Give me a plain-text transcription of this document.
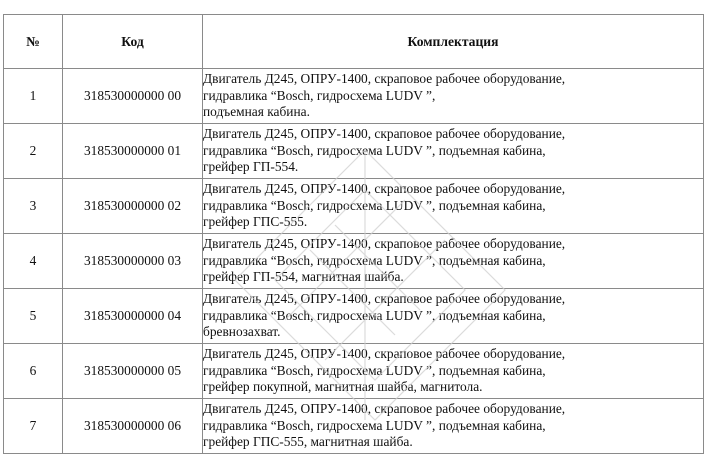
№	Код	Комплектация
1	318530000000 00	Двигатель Д245, ОПРУ-1400, скраповое рабочее оборудование,
гидравлика “Bosch, гидросхема LUDV ”,
подъемная кабина.

2	318530000000 01	Двигатель Д245, ОПРУ-1400, скраповое рабочее оборудование,
гидравлика “Bosch, гидросхема LUDV ”, подъемная кабина,
грейфер ГП-554.

3	318530000000 02	Двигатель Д245, ОПРУ-1400, скраповое рабочее оборудование,
гидравлика “Bosch, гидросхема LUDV ”, подъемная кабина,
грейфер ГПС-555.

4	318530000000 03	Двигатель Д245, ОПРУ-1400, скраповое рабочее оборудование,
гидравлика “Bosch, гидросхема LUDV ”, подъемная кабина,
грейфер ГП-554, магнитная шайба.

5	318530000000 04	Двигатель Д245, ОПРУ-1400, скраповое рабочее оборудование,
гидравлика “Bosch, гидросхема LUDV ”, подъемная кабина,
бревнозахват.

6	318530000000 05	Двигатель Д245, ОПРУ-1400, скраповое рабочее оборудование,
гидравлика “Bosch, гидросхема LUDV ”, подъемная кабина,
грейфер покупной, магнитная шайба, магнитола.

7	318530000000 06	Двигатель Д245, ОПРУ-1400, скраповое рабочее оборудование,
гидравлика “Bosch, гидросхема LUDV ”, подъемная кабина,
грейфер ГПС-555, магнитная шайба.
